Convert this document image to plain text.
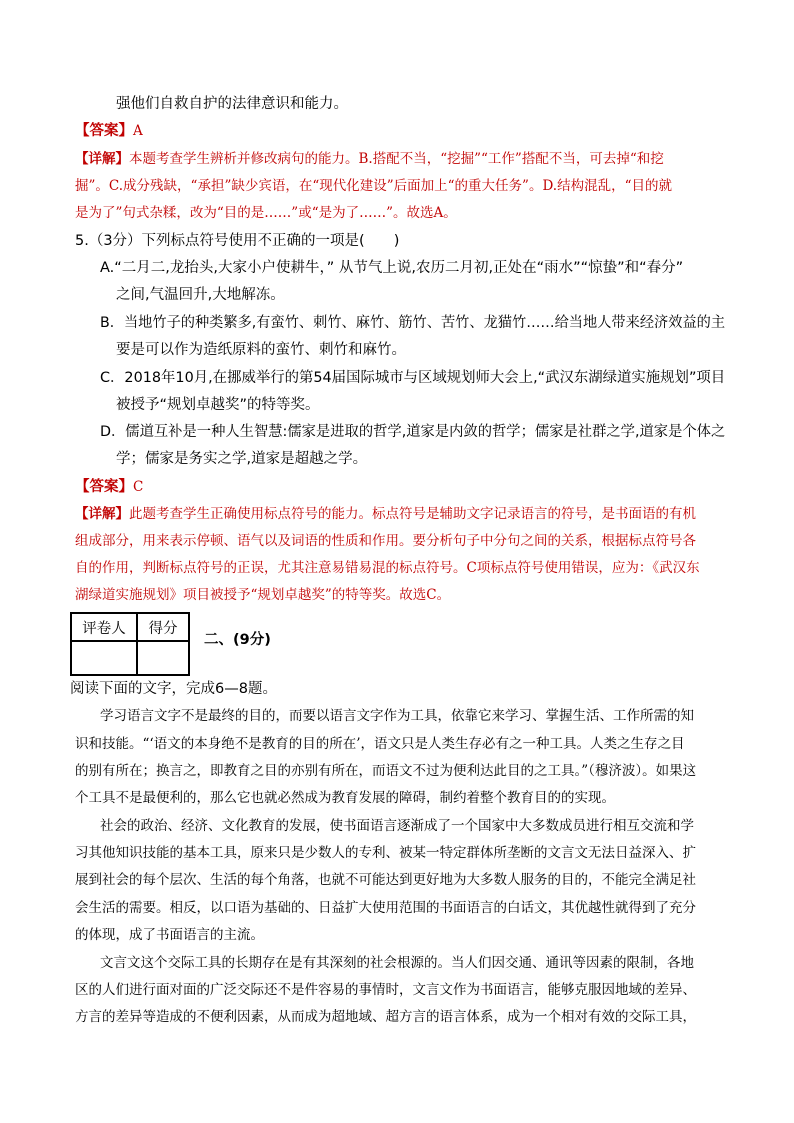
强他们自救自护的法律意识和能力。
【答案】A
【详解】本题考查学生辨析并修改病句的能力。B.搭配不当，“挖掘”“工作”搭配不当，可去掉“和挖
掘”。C.成分残缺，“承担”缺少宾语，在“现代化建设”后面加上“的重大任务”。D.结构混乱，“目的就
是为了”句式杂糅，改为“目的是……”或“是为了……”。故选A。
5.（3分）下列标点符号使用不正确的一项是(　　)
A.“二月二,龙抬头,大家小户使耕牛，” 从节气上说,农历二月初,正处在“雨水”“惊蛰”和“春分”
之间,气温回升,大地解冻。
B．当地竹子的种类繁多,有蛮竹、刺竹、麻竹、筋竹、苦竹、龙猫竹……给当地人带来经济效益的主
要是可以作为造纸原料的蛮竹、刺竹和麻竹。
C．2018年10月,在挪威举行的第54届国际城市与区域规划师大会上,“武汉东湖绿道实施规划”项目
被授予“规划卓越奖”的特等奖。
D．儒道互补是一种人生智慧:儒家是进取的哲学,道家是内敛的哲学；儒家是社群之学,道家是个体之
学；儒家是务实之学,道家是超越之学。
【答案】C
【详解】此题考查学生正确使用标点符号的能力。标点符号是辅助文字记录语言的符号，是书面语的有机
组成部分，用来表示停顿、语气以及词语的性质和作用。要分析句子中分句之间的关系，根据标点符号各
自的作用，判断标点符号的正误，尤其注意易错易混的标点符号。C项标点符号使用错误，应为：《武汉东
湖绿道实施规划》项目被授予“规划卓越奖”的特等奖。故选C。
评卷人	得分

二、(9分)
阅读下面的文字，完成6—8题。
学习语言文字不是最终的目的，而要以语言文字作为工具，依靠它来学习、掌握生活、工作所需的知
识和技能。“‘语文的本身绝不是教育的目的所在’，语文只是人类生存必有之一种工具。人类之生存之目
的别有所在；换言之，即教育之目的亦别有所在，而语文不过为便利达此目的之工具。”（穆济波）。如果这
个工具不是最便利的，那么它也就必然成为教育发展的障碍，制约着整个教育目的的实现。
社会的政治、经济、文化教育的发展，使书面语言逐渐成了一个国家中大多数成员进行相互交流和学
习其他知识技能的基本工具，原来只是少数人的专利、被某一特定群体所垄断的文言文无法日益深入、扩
展到社会的每个层次、生活的每个角落，也就不可能达到更好地为大多数人服务的目的，不能完全满足社
会生活的需要。相反，以口语为基础的、日益扩大使用范围的书面语言的白话文，其优越性就得到了充分
的体现，成了书面语言的主流。
文言文这个交际工具的长期存在是有其深刻的社会根源的。当人们因交通、通讯等因素的限制，各地
区的人们进行面对面的广泛交际还不是件容易的事情时，文言文作为书面语言，能够克服因地域的差异、
方言的差异等造成的不便利因素，从而成为超地域、超方言的语言体系，成为一个相对有效的交际工具，
